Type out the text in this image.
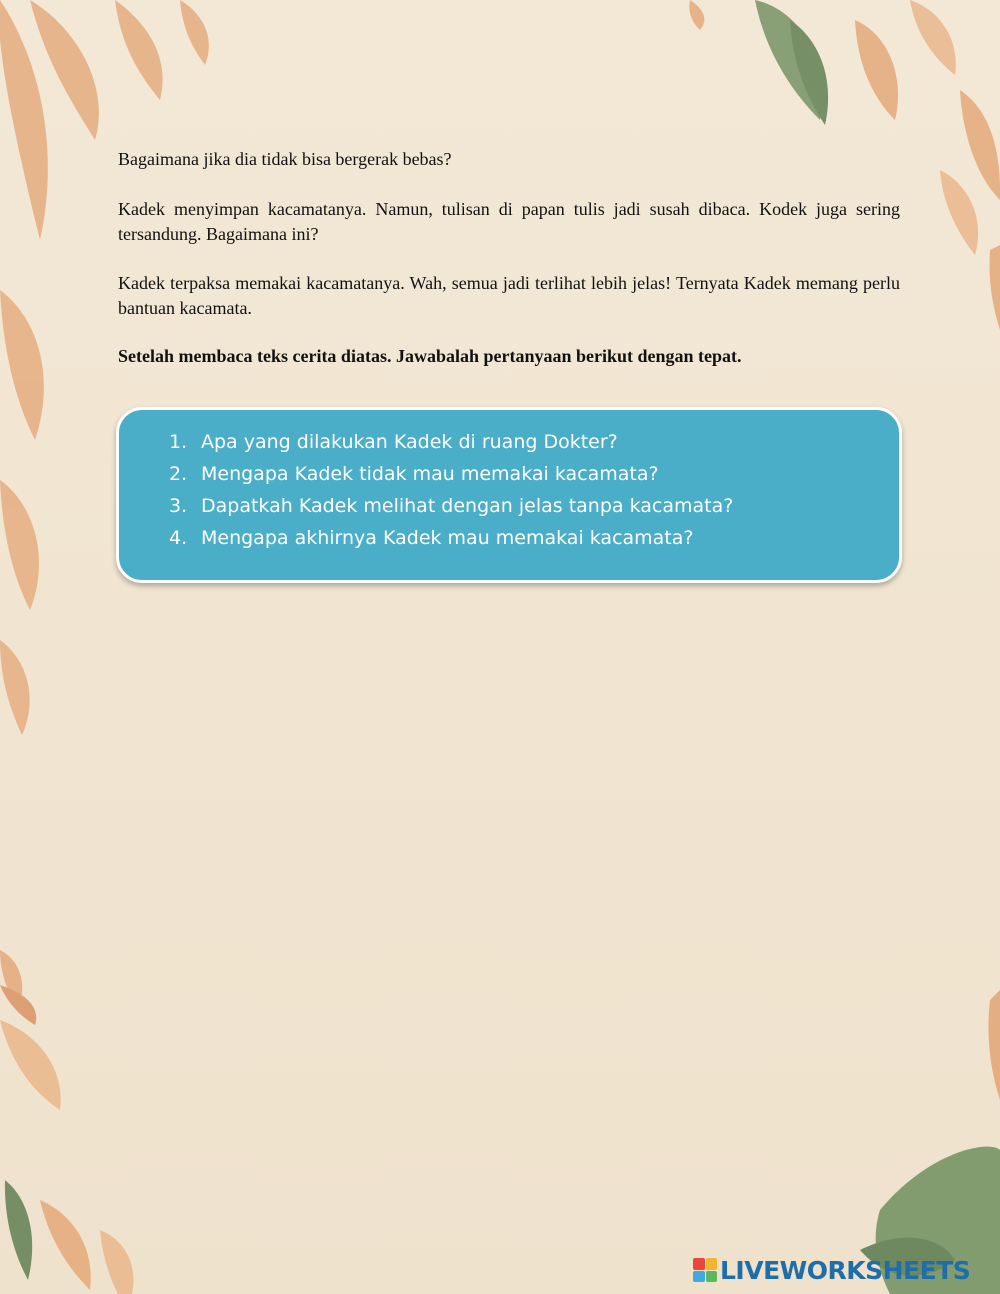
Bagaimana jika dia tidak bisa bergerak bebas?

Kadek menyimpan kacamatanya. Namun, tulisan di papan tulis jadi susah dibaca. Kodek juga sering tersandung. Bagaimana ini?

Kadek terpaksa memakai kacamatanya. Wah, semua jadi terlihat lebih jelas! Ternyata Kadek memang perlu bantuan kacamata.

Setelah membaca teks cerita diatas. Jawabalah pertanyaan berikut dengan tepat.

1. Apa yang dilakukan Kadek di ruang Dokter?
2. Mengapa Kadek tidak mau memakai kacamata?
3. Dapatkah Kadek melihat dengan jelas tanpa kacamata?
4. Mengapa akhirnya Kadek mau memakai kacamata?
LIVEWORKSHEETS
